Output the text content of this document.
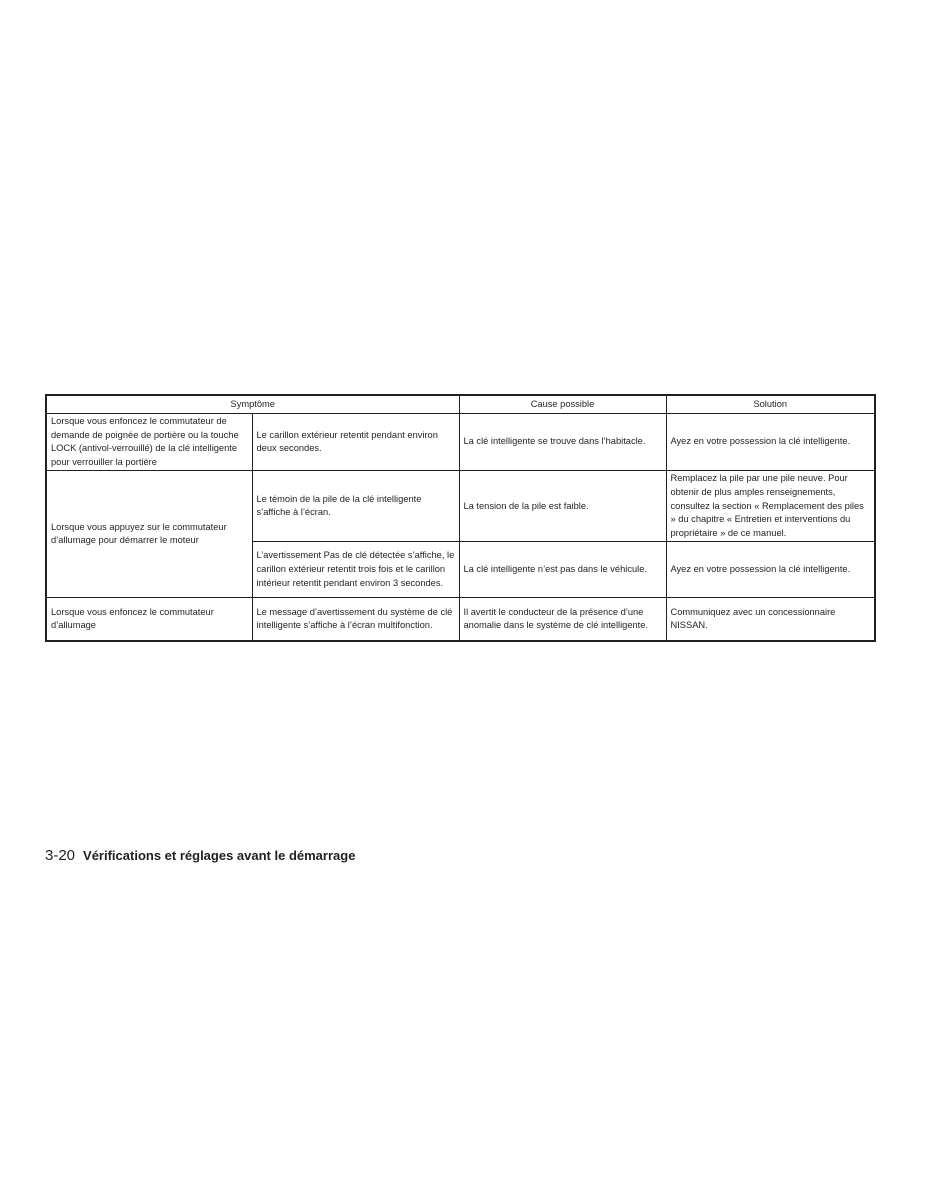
Symptôme		Cause possible	Solution
Lorsque vous enfoncez le commutateur de demande de poignée de portière ou la touche LOCK (antivol-verrouillé) de la clé intelligente pour verrouiller la portière	Le carillon extérieur retentit pendant environ deux secondes.	La clé intelligente se trouve dans l’habitacle.	Ayez en votre possession la clé intelligente.
Lorsque vous appuyez sur le commutateur d’allumage pour démarrer le moteur	Le témoin de la pile de la clé intelligente s’affiche à l’écran.	La tension de la pile est faible.	Remplacez la pile par une pile neuve. Pour obtenir de plus amples renseignements, consultez la section « Remplacement des piles » du chapitre « Entretien et interventions du propriétaire » de ce manuel.
	L’avertissement Pas de clé détectée s’affiche, le carillon extérieur retentit trois fois et le carillon intérieur retentit pendant environ 3 secondes.	La clé intelligente n’est pas dans le véhicule.	Ayez en votre possession la clé intelligente.
Lorsque vous enfoncez le commutateur d’allumage	Le message d’avertissement du système de clé intelligente s’affiche à l’écran multifonction.	Il avertit le conducteur de la présence d’une anomalie dans le système de clé intelligente.	Communiquez avec un concessionnaire NISSAN.
3-20 Vérifications et réglages avant le démarrage
